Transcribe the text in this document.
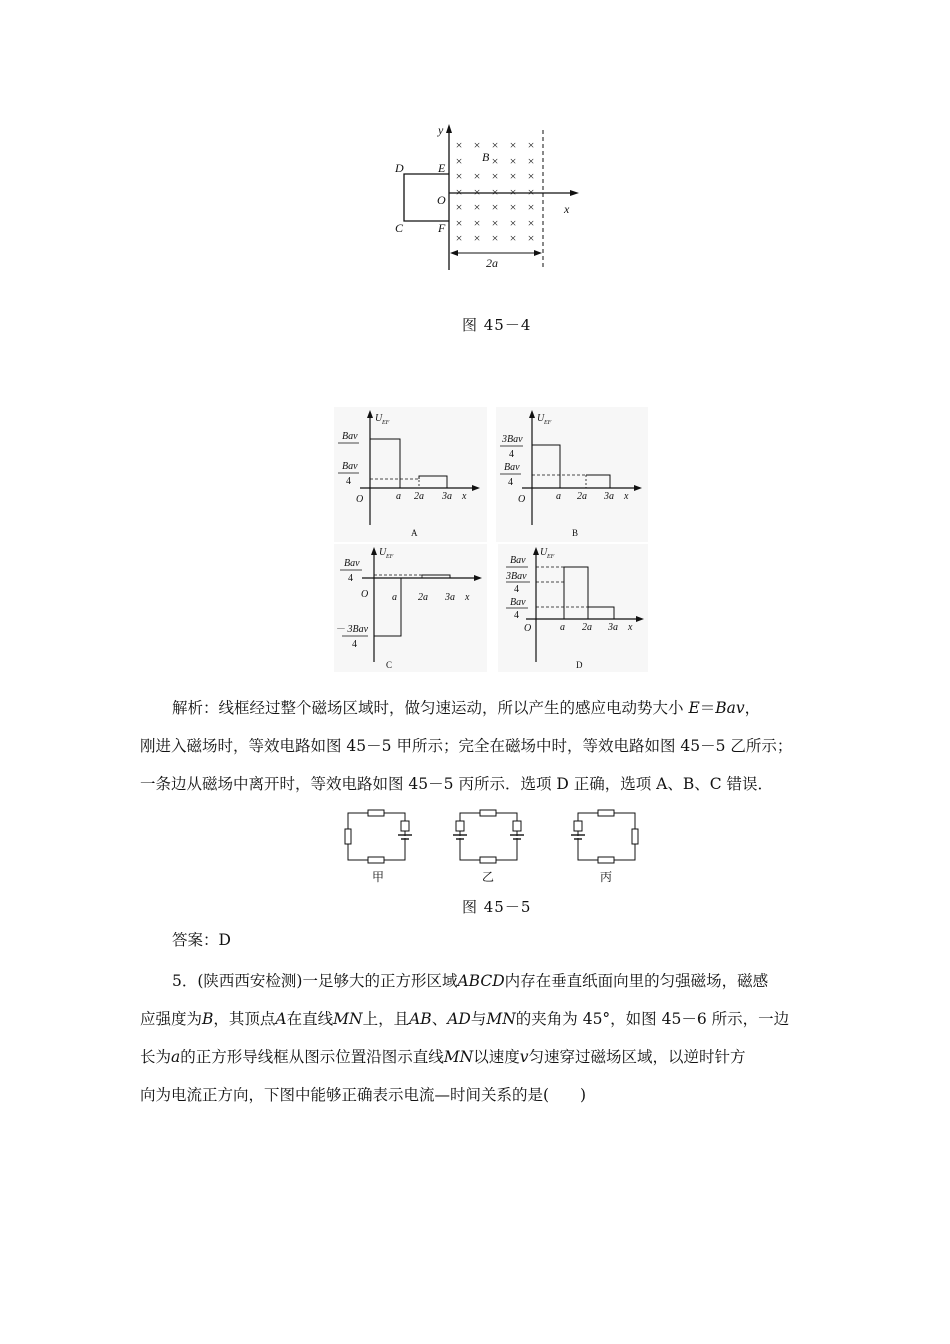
y
x
D	E
O
C	F
× × × × ×
× × × ×
× × × × ×
× × × × ×
× × × × ×
× × × × ×
× × × × ×
B
2a
图 45－4
U EF
Bav
Bav
4
O	a 2a 3a x
A
U EF
3Bav
4
Bav
4
O	a 2a 3a x
B
U EF
Bav
4
O
－ 3Bav
4
a 2a 3a x
C
U EF
Bav
3Bav
4
Bav
4
O	a 2a 3a x
D

解析：线框经过整个磁场区域时，做匀速运动，所以产生的感应电动势大小 E＝Bav，

刚进入磁场时，等效电路如图 45－5 甲所示；完全在磁场中时，等效电路如图 45－5 乙所示；

一条边从磁场中离开时，等效电路如图 45－5 丙所示．选项 D 正确，选项 A、B、C 错误．

甲	乙	丙
图 45－5
答案：D

5．(陕西西安检测)一足够大的正方形区域ABCD内存在垂直纸面向里的匀强磁场，磁感

应强度为B，其顶点A在直线MN上，且AB、AD与MN的夹角为 45°，如图 45－6 所示，一边

长为a的正方形导线框从图示位置沿图示直线MN以速度v匀速穿过磁场区域，以逆时针方

向为电流正方向，下图中能够正确表示电流—时间关系的是(　　)
